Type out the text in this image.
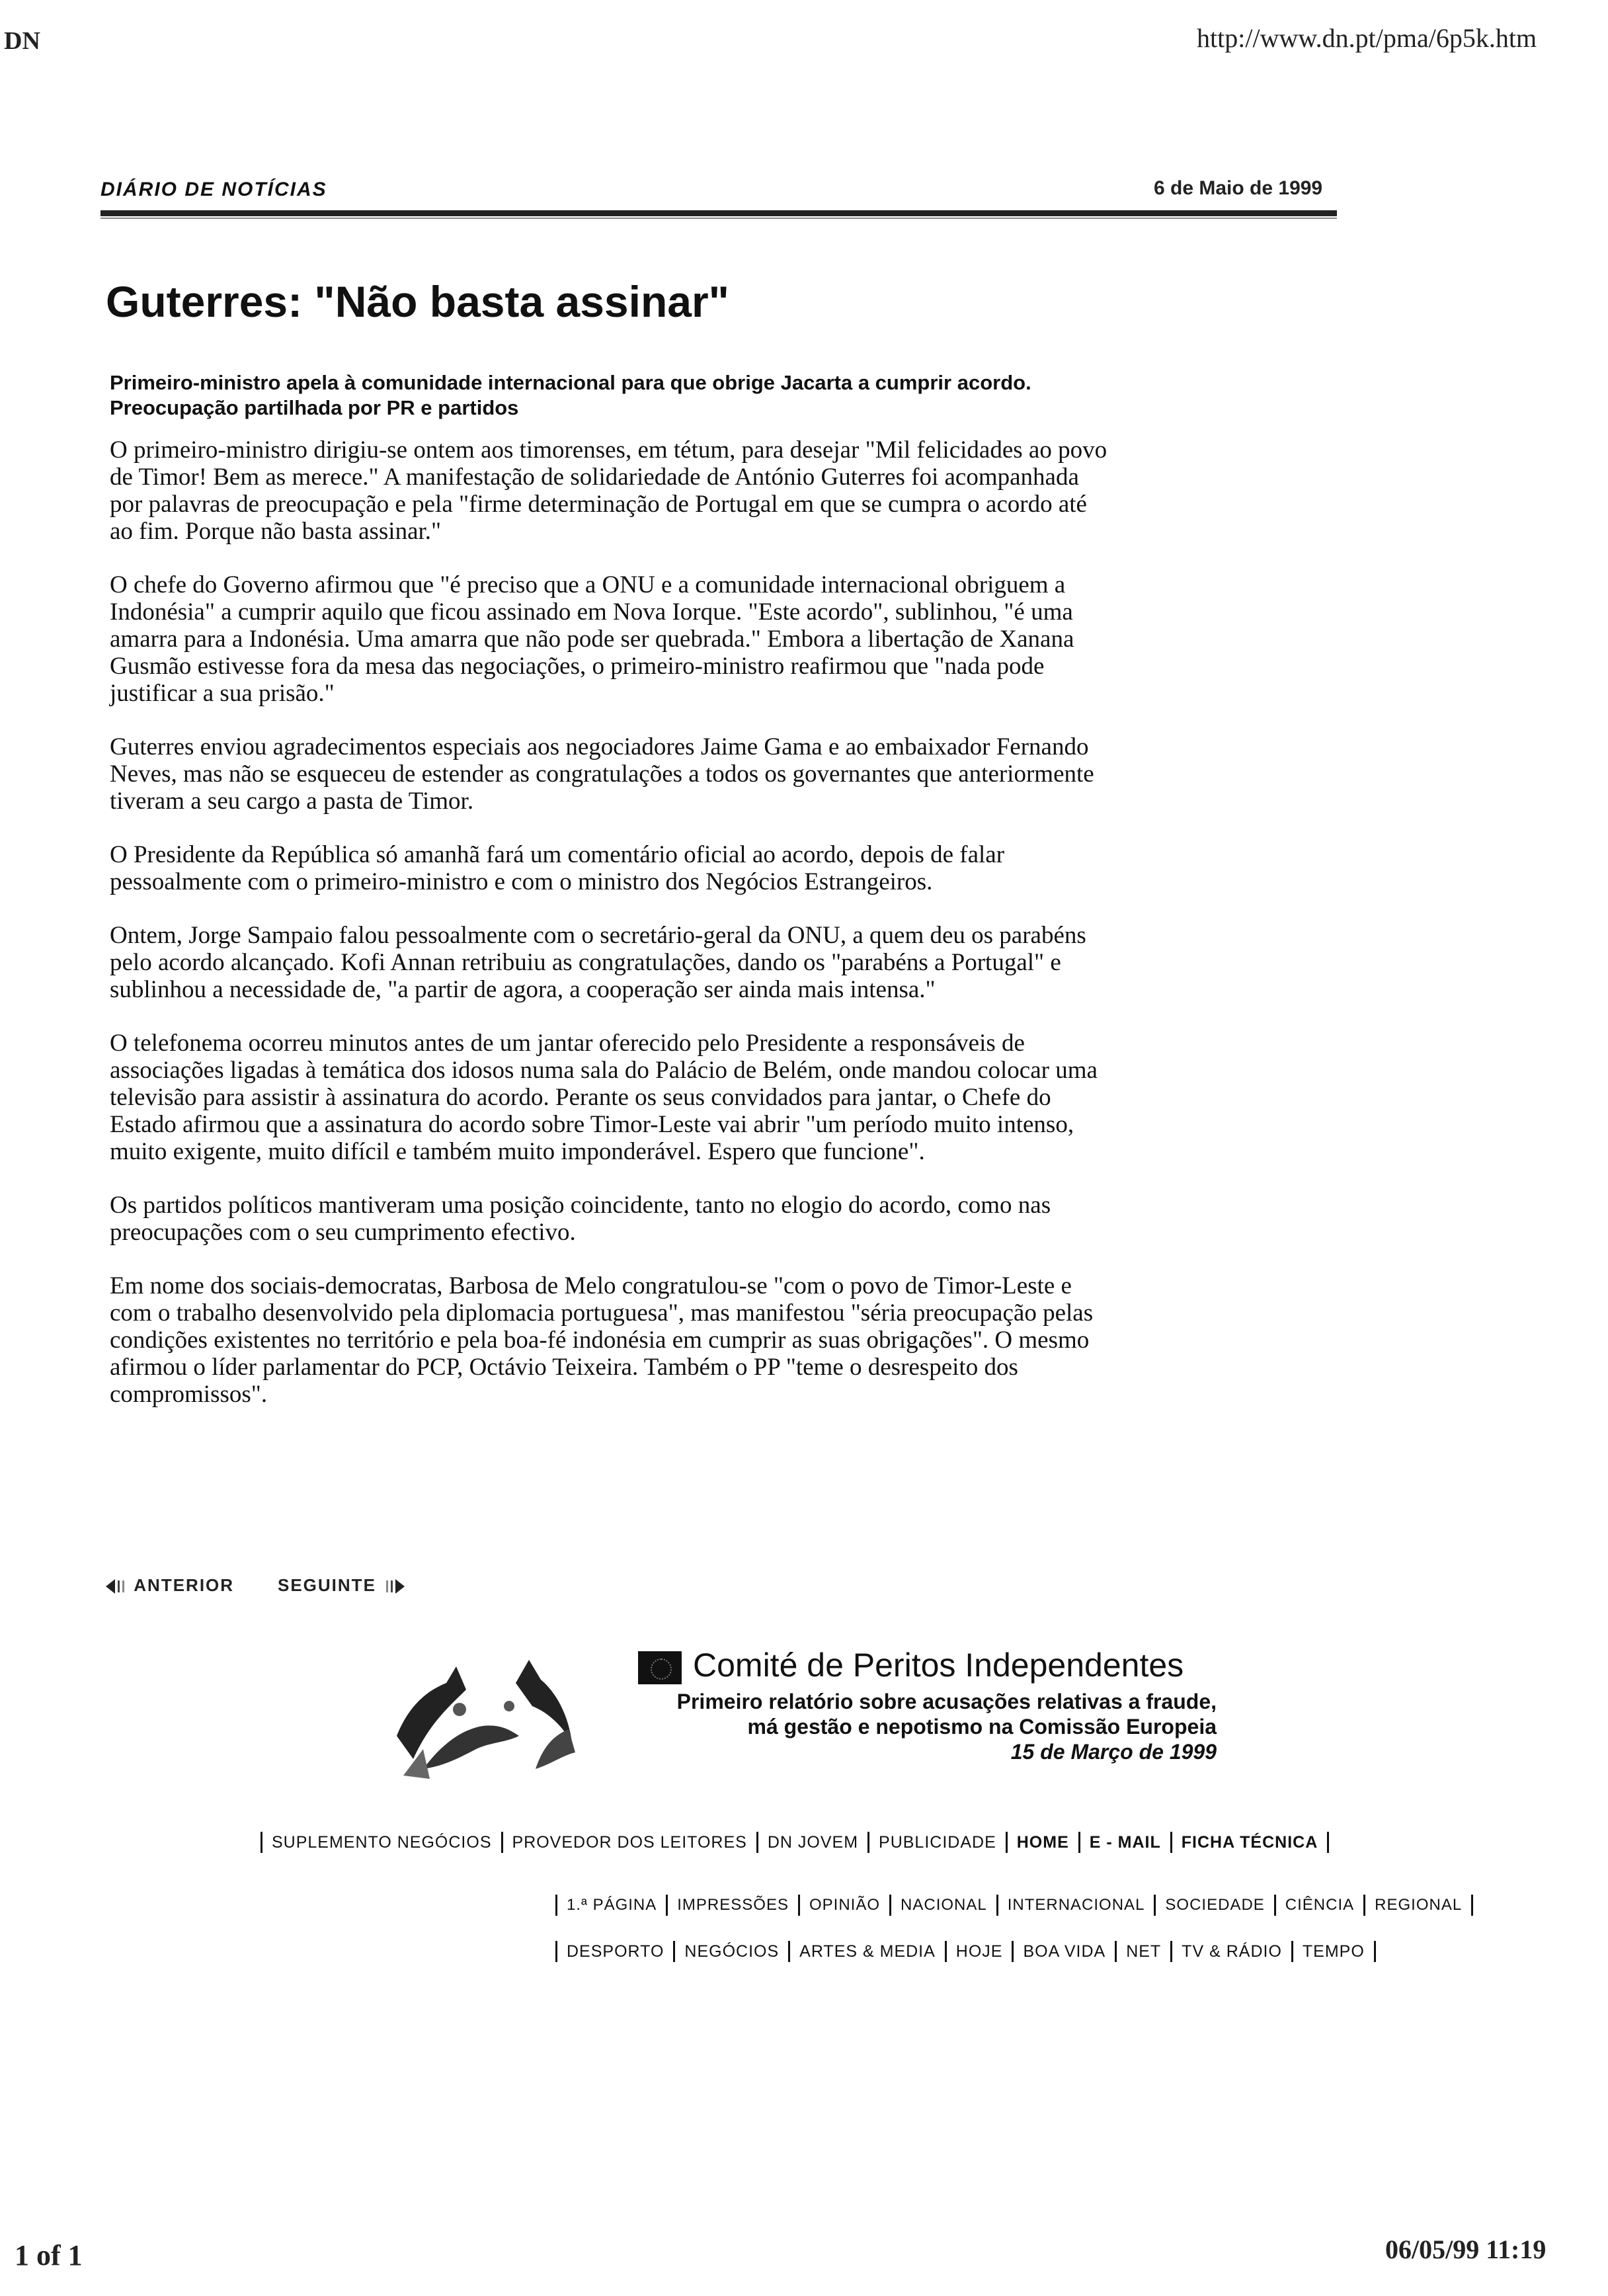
DN	http://www.dn.pt/pma/6p5k.htm
DIÁRIO DE NOTÍCIAS	6 de Maio de 1999
Guterres: "Não basta assinar"
Primeiro-ministro apela à comunidade internacional para que obrige Jacarta a cumprir acordo. Preocupação partilhada por PR e partidos

O primeiro-ministro dirigiu-se ontem aos timorenses, em tétum, para desejar "Mil felicidades ao povo de Timor! Bem as merece." A manifestação de solidariedade de António Guterres foi acompanhada por palavras de preocupação e pela "firme determinação de Portugal em que se cumpra o acordo até ao fim. Porque não basta assinar."

O chefe do Governo afirmou que "é preciso que a ONU e a comunidade internacional obriguem a Indonésia" a cumprir aquilo que ficou assinado em Nova Iorque. "Este acordo", sublinhou, "é uma amarra para a Indonésia. Uma amarra que não pode ser quebrada." Embora a libertação de Xanana Gusmão estivesse fora da mesa das negociações, o primeiro-ministro reafirmou que "nada pode justificar a sua prisão."

Guterres enviou agradecimentos especiais aos negociadores Jaime Gama e ao embaixador Fernando Neves, mas não se esqueceu de estender as congratulações a todos os governantes que anteriormente tiveram a seu cargo a pasta de Timor.

O Presidente da República só amanhã fará um comentário oficial ao acordo, depois de falar pessoalmente com o primeiro-ministro e com o ministro dos Negócios Estrangeiros.

Ontem, Jorge Sampaio falou pessoalmente com o secretário-geral da ONU, a quem deu os parabéns pelo acordo alcançado. Kofi Annan retribuiu as congratulações, dando os "parabéns a Portugal" e sublinhou a necessidade de, "a partir de agora, a cooperação ser ainda mais intensa."

O telefonema ocorreu minutos antes de um jantar oferecido pelo Presidente a responsáveis de associações ligadas à temática dos idosos numa sala do Palácio de Belém, onde mandou colocar uma televisão para assistir à assinatura do acordo. Perante os seus convidados para jantar, o Chefe do Estado afirmou que a assinatura do acordo sobre Timor-Leste vai abrir "um período muito intenso, muito exigente, muito difícil e também muito imponderável. Espero que funcione".

Os partidos políticos mantiveram uma posição coincidente, tanto no elogio do acordo, como nas preocupações com o seu cumprimento efectivo.

Em nome dos sociais-democratas, Barbosa de Melo congratulou-se "com o povo de Timor-Leste e com o trabalho desenvolvido pela diplomacia portuguesa", mas manifestou "séria preocupação pelas condições existentes no território e pela boa-fé indonésia em cumprir as suas obrigações". O mesmo afirmou o líder parlamentar do PCP, Octávio Teixeira. Também o PP "teme o desrespeito dos compromissos".

ANTERIOR	SEGUINTE
Comité de Peritos Independentes
Primeiro relatório sobre acusações relativas a fraude,
má gestão e nepotismo na Comissão Europeia
15 de Março de 1999
SUPLEMENTO NEGÓCIOS PROVEDOR DOS LEITORES DN JOVEM PUBLICIDADE HOME E - MAIL FICHA TÉCNICA
1.ª PÁGINA IMPRESSÕES OPINIÃO NACIONAL INTERNACIONAL SOCIEDADE CIÊNCIA REGIONAL
DESPORTO NEGÓCIOS ARTES & MEDIA HOJE BOA VIDA NET TV & RÁDIO TEMPO
1 of 1	06/05/99 11:19
